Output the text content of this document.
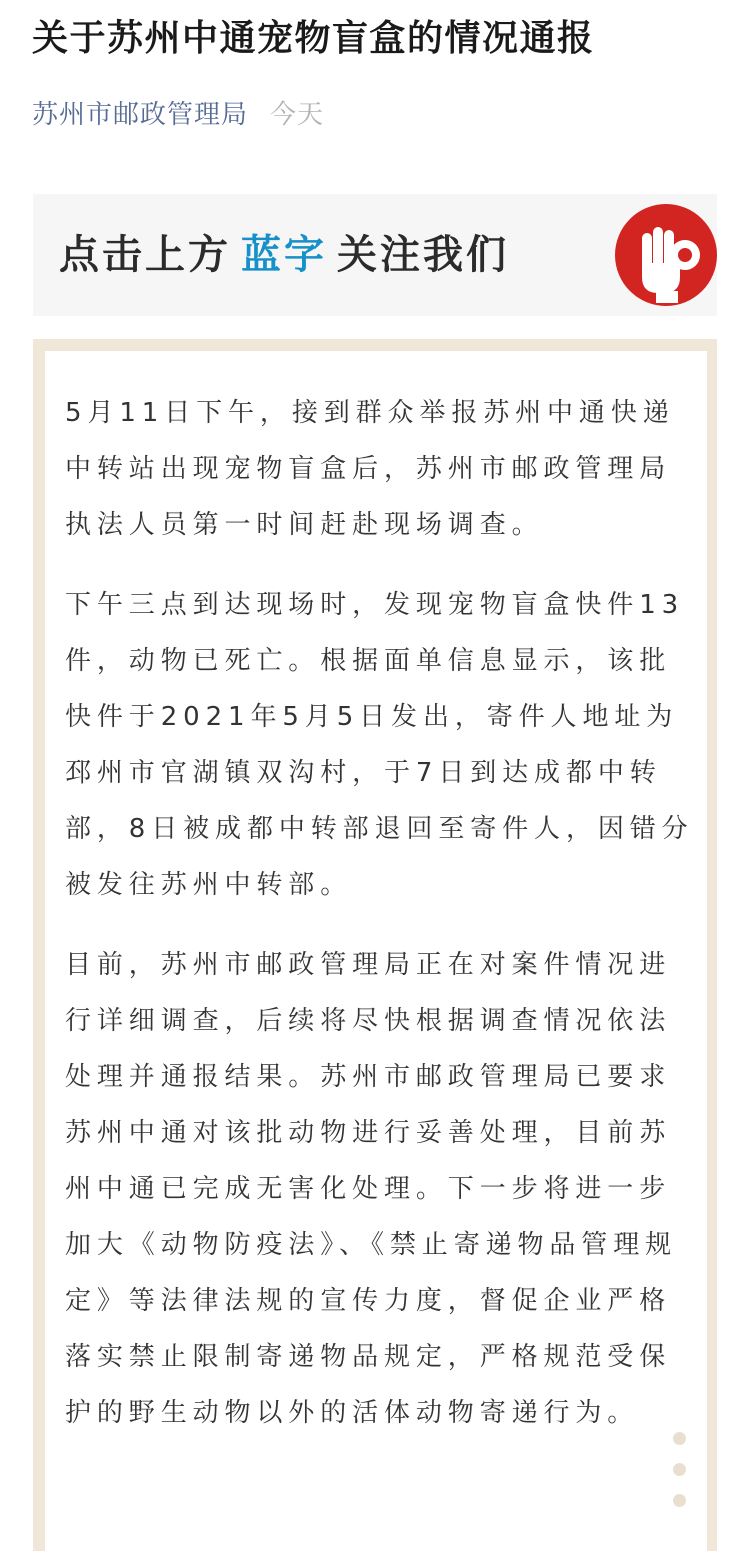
关于苏州中通宠物盲盒的情况通报
苏州市邮政管理局 今天
点击上方 蓝字 关注我们

5月11日下午，接到群众举报苏州中通快递中转站出现宠物盲盒后，苏州市邮政管理局执法人员第一时间赶赴现场调查。

下午三点到达现场时，发现宠物盲盒快件13件，动物已死亡。根据面单信息显示，该批快件于2021年5月5日发出，寄件人地址为邳州市官湖镇双沟村，于7日到达成都中转部，8日被成都中转部退回至寄件人，因错分被发往苏州中转部。

目前，苏州市邮政管理局正在对案件情况进行详细调查，后续将尽快根据调查情况依法处理并通报结果。苏州市邮政管理局已要求苏州中通对该批动物进行妥善处理，目前苏州中通已完成无害化处理。下一步将进一步加大《动物防疫法》、《禁止寄递物品管理规定》等法律法规的宣传力度，督促企业严格落实禁止限制寄递物品规定，严格规范受保护的野生动物以外的活体动物寄递行为。
